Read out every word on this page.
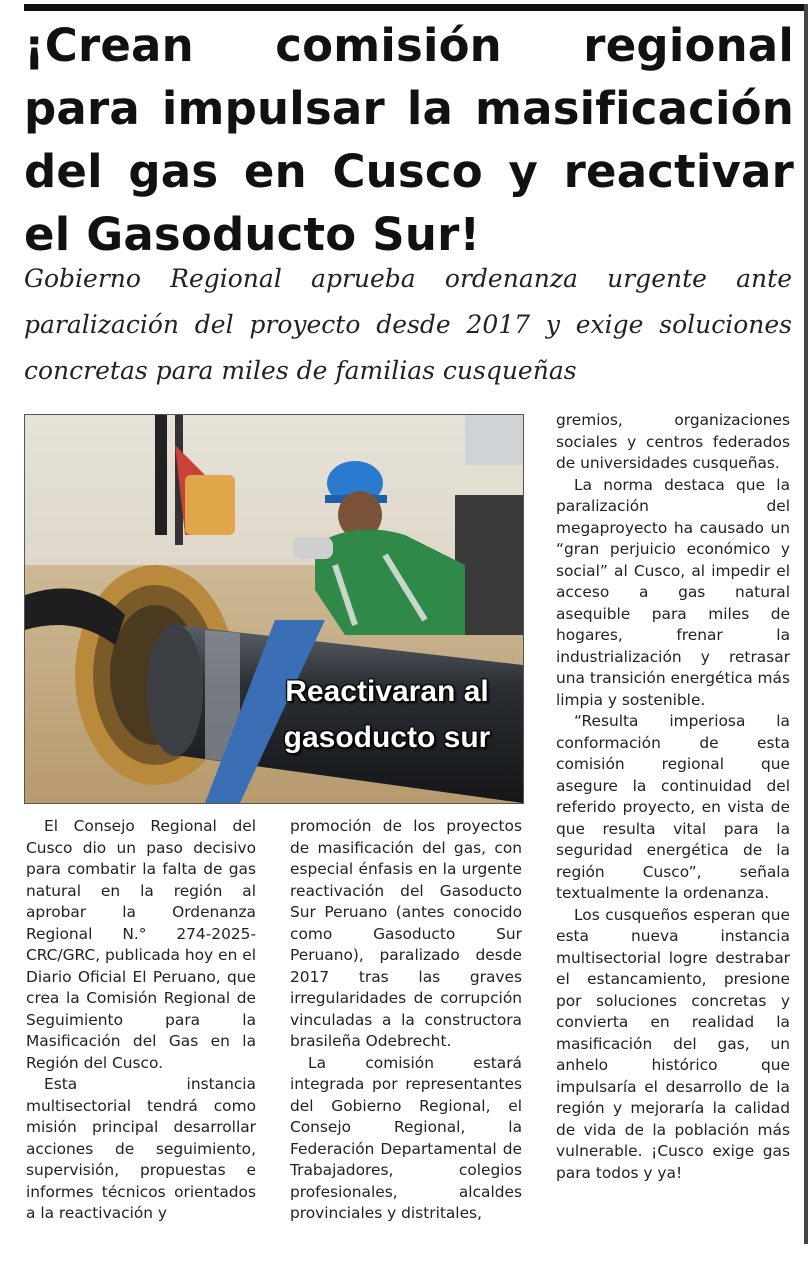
¡Crean comisión regional para impulsar la masificación del gas en Cusco y reactivar el Gasoducto Sur!
Gobierno Regional aprueba ordenanza urgente ante paralización del proyecto desde 2017 y exige soluciones concretas para miles de familias cusqueñas
Reactivaran al gasoducto sur

El Consejo Regional del Cusco dio un paso decisivo para combatir la falta de gas natural en la región al aprobar la Ordenanza Regional N.° 274-2025-CRC/GRC, publicada hoy en el Diario Oficial El Peruano, que crea la Comisión Regional de Seguimiento para la Masificación del Gas en la Región del Cusco.

Esta instancia multisectorial tendrá como misión principal desarrollar acciones de seguimiento, supervisión, propuestas e informes técnicos orientados a la reactivación y

promoción de los proyectos de masificación del gas, con especial énfasis en la urgente reactivación del Gasoducto Sur Peruano (antes conocido como Gasoducto Sur Peruano), paralizado desde 2017 tras las graves irregularidades de corrupción vinculadas a la constructora brasileña Odebrecht.

La comisión estará integrada por representantes del Gobierno Regional, el Consejo Regional, la Federación Departamental de Trabajadores, colegios profesionales, alcaldes provinciales y distritales,

gremios, organizaciones sociales y centros federados de universidades cusqueñas.

La norma destaca que la paralización del megaproyecto ha causado un “gran perjuicio económico y social” al Cusco, al impedir el acceso a gas natural asequible para miles de hogares, frenar la industrialización y retrasar una transición energética más limpia y sostenible.

“Resulta imperiosa la conformación de esta comisión regional que asegure la continuidad del referido proyecto, en vista de que resulta vital para la seguridad energética de la región Cusco”, señala textualmente la ordenanza.

Los cusqueños esperan que esta nueva instancia multisectorial logre destrabar el estancamiento, presione por soluciones concretas y convierta en realidad la masificación del gas, un anhelo histórico que impulsaría el desarrollo de la región y mejoraría la calidad de vida de la población más vulnerable. ¡Cusco exige gas para todos y ya!
